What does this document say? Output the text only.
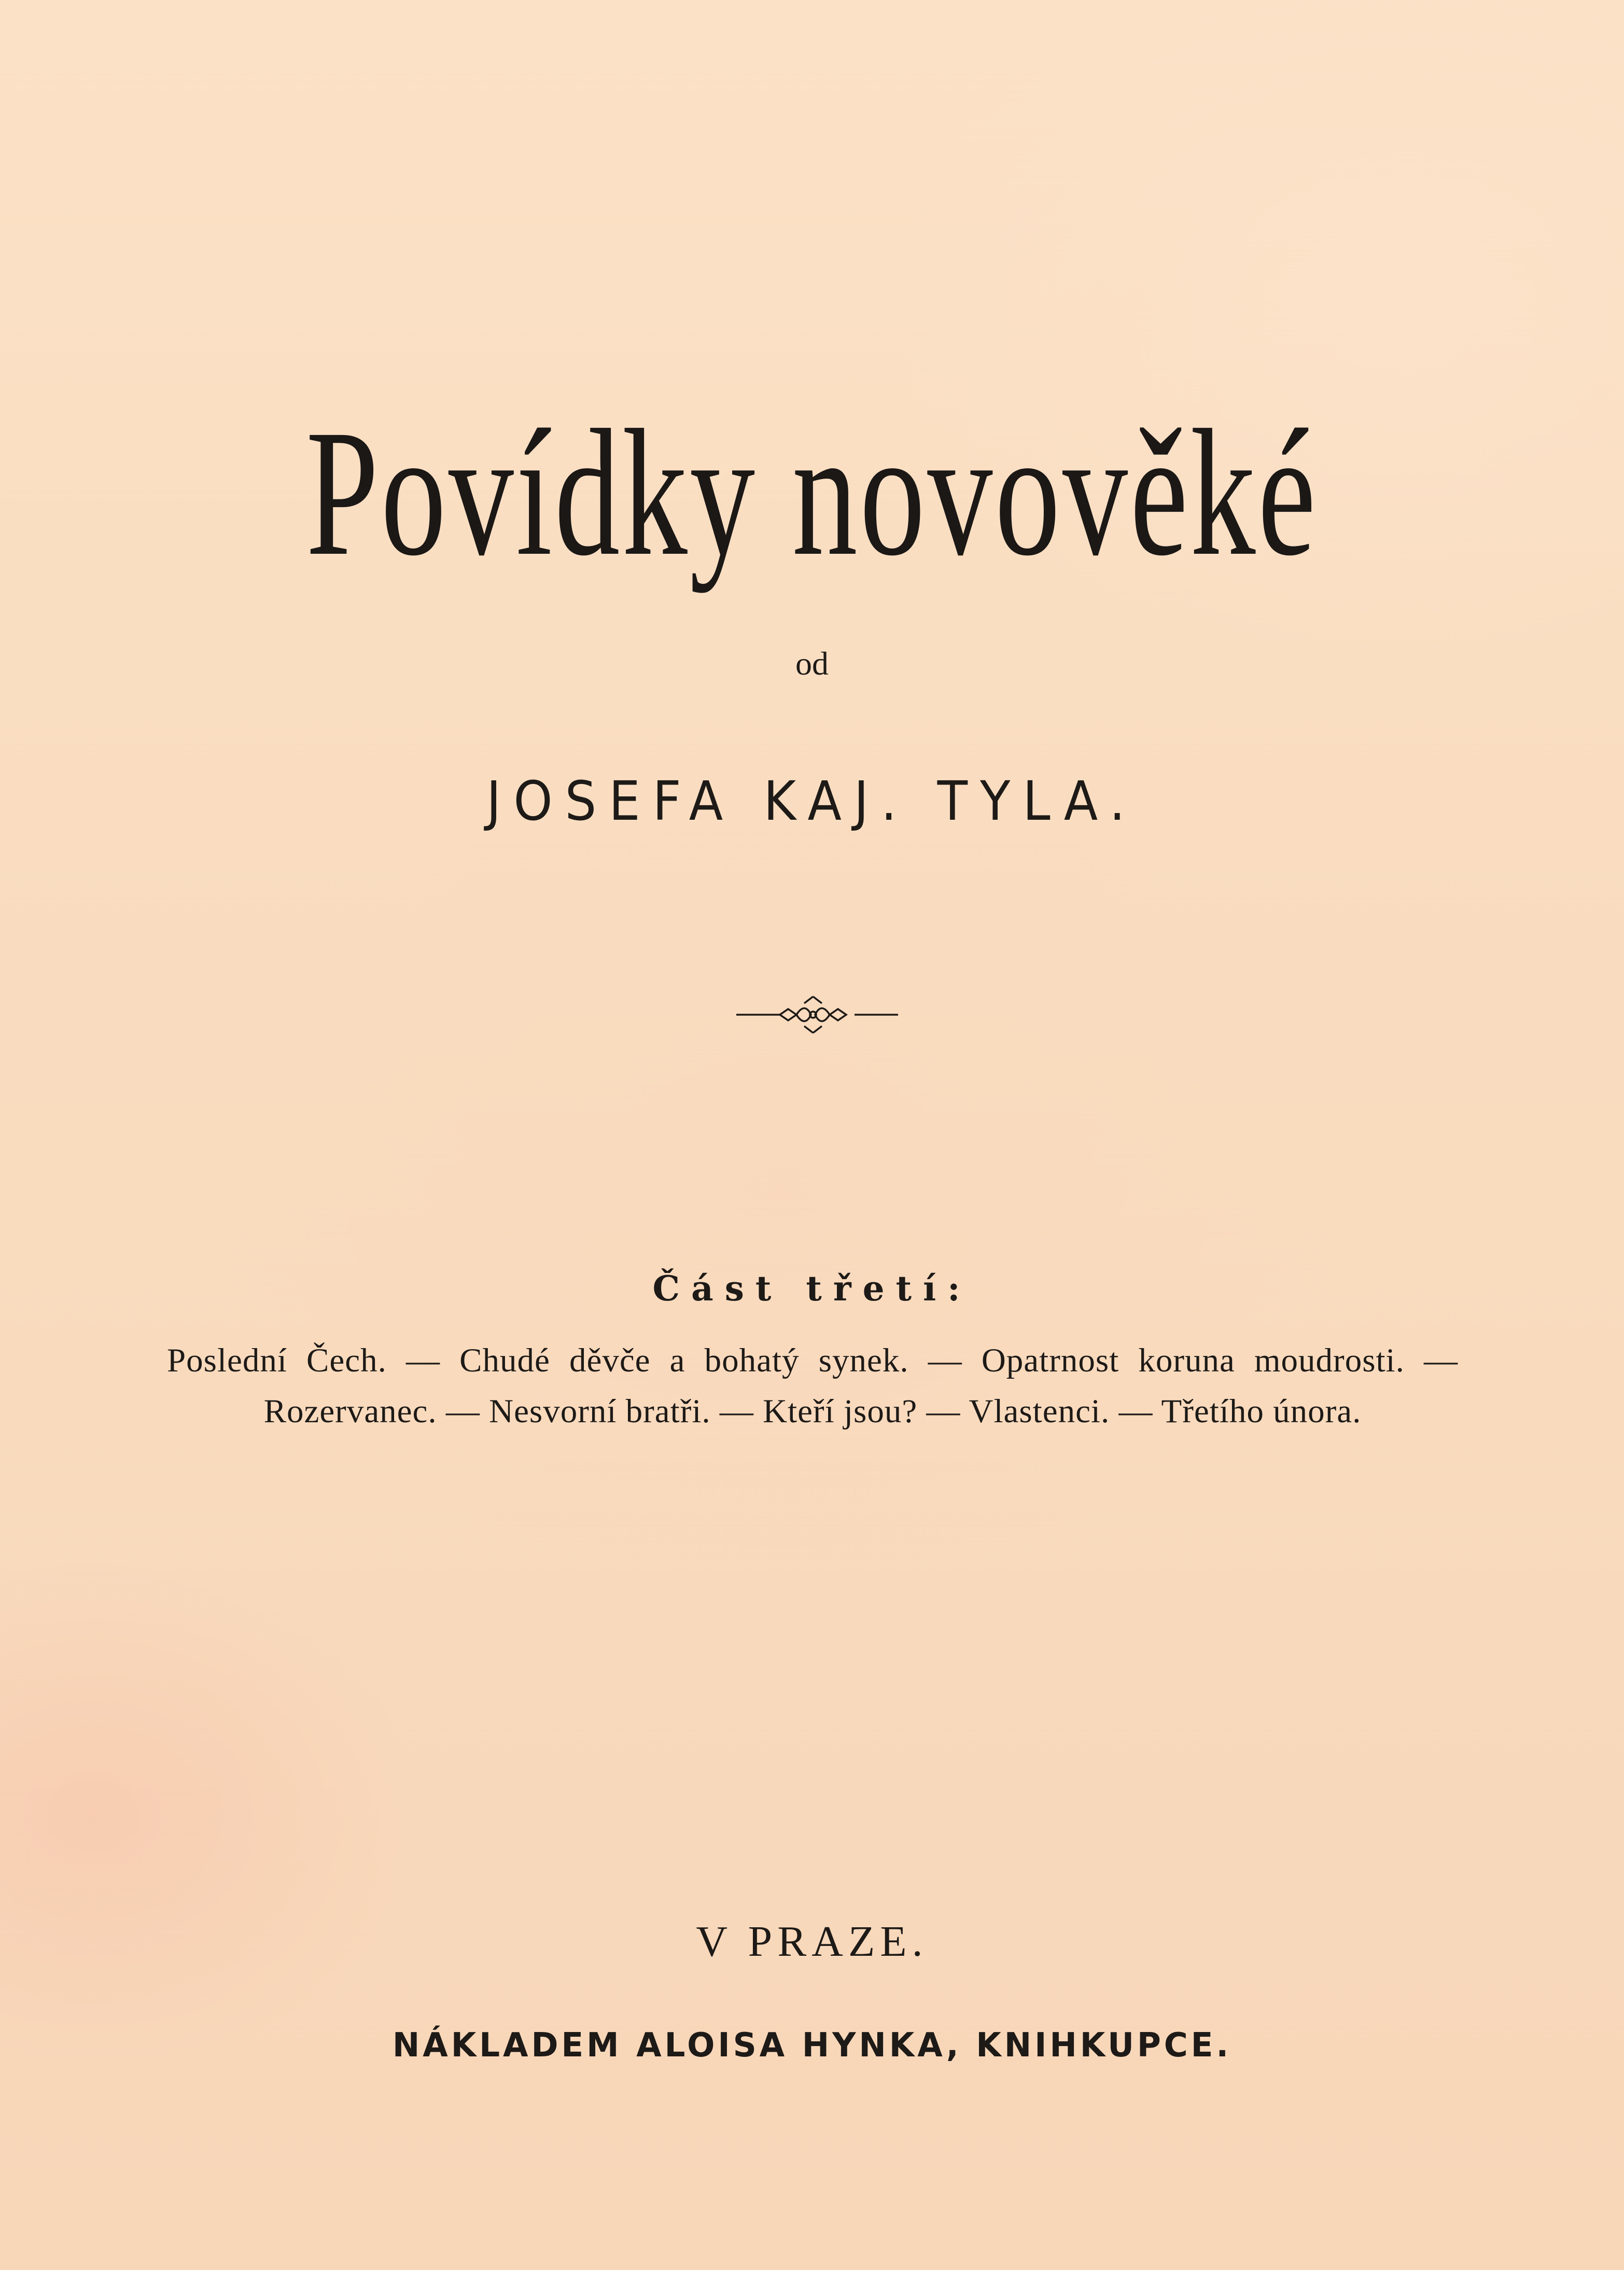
Povídky novověké
od
JOSEFA KAJ. TYLA.
Část třetí:
Poslední Čech. — Chudé děvče a bohatý synek. — Opatrnost koruna moudrosti. — Rozervanec. — Nesvorní bratři. — Kteří jsou? — Vlastenci. — Třetího února.
V PRAZE.
NÁKLADEM ALOISA HYNKA, KNIHKUPCE.
